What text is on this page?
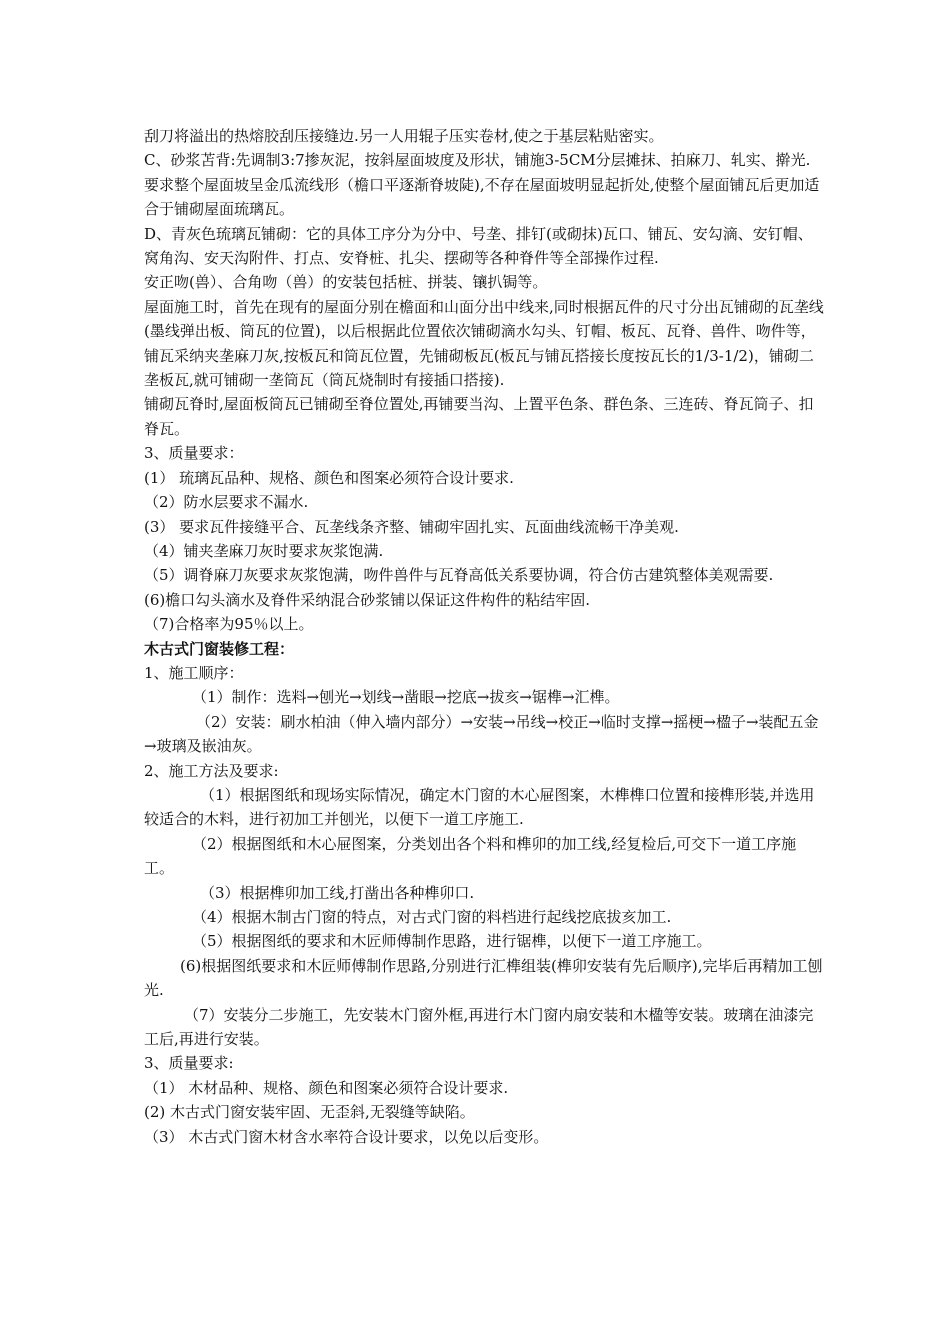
刮刀将溢出的热熔胶刮压接缝边.另一人用辊子压实卷材,使之于基层粘贴密实。

C、砂浆苫背:先调制3:7掺灰泥，按斜屋面坡度及形状，铺施3-5CM分层摊抹、拍麻刀、轧实、擀光.要求整个屋面坡呈金瓜流线形（檐口平逐渐脊坡陡),不存在屋面坡明显起折处,使整个屋面铺瓦后更加适合于铺砌屋面琉璃瓦。

D、青灰色琉璃瓦铺砌：它的具体工序分为分中、号垄、排钉(或砌抹)瓦口、铺瓦、安勾滴、安钉帽、窝角沟、安天沟附件、打点、安脊桩、扎尖、摆砌等各种脊件等全部操作过程.

安正吻(兽）、合角吻（兽）的安装包括桩、拼装、镶扒锔等。

屋面施工时，首先在现有的屋面分别在檐面和山面分出中线来,同时根据瓦件的尺寸分出瓦铺砌的瓦垄线(墨线弹出板、筒瓦的位置)，以后根据此位置依次铺砌滴水勾头、钉帽、板瓦、瓦脊、兽件、吻件等，铺瓦采纳夹垄麻刀灰,按板瓦和筒瓦位置，先铺砌板瓦(板瓦与铺瓦搭接长度按瓦长的1/3-1/2)，铺砌二垄板瓦,就可铺砌一垄筒瓦（筒瓦烧制时有接插口搭接).

铺砌瓦脊时,屋面板筒瓦已铺砌至脊位置处,再铺要当沟、上置平色条、群色条、三连砖、脊瓦筒子、扣脊瓦。

3、质量要求：

(1） 琉璃瓦品种、规格、颜色和图案必须符合设计要求.

（2）防水层要求不漏水.

(3） 要求瓦件接缝平合、瓦垄线条齐整、铺砌牢固扎实、瓦面曲线流畅干净美观.

（4）铺夹垄麻刀灰时要求灰浆饱满.

（5）调脊麻刀灰要求灰浆饱满，吻件兽件与瓦脊高低关系要协调，符合仿古建筑整体美观需要.

(6)檐口勾头滴水及脊件采纳混合砂浆铺以保证这件构件的粘结牢固.

（7)合格率为95％以上。

木古式门窗装修工程：

1、施工顺序：

（1）制作：选料→刨光→划线→凿眼→挖底→拔亥→锯榫→汇榫。

（2）安装：刷水柏油（伸入墙内部分）→安装→吊线→校正→临时支撑→摇梗→楹子→装配五金→玻璃及嵌油灰。

2、施工方法及要求:

（1）根据图纸和现场实际情况，确定木门窗的木心屉图案，木榫榫口位置和接榫形装,并选用较适合的木料，进行初加工并刨光，以便下一道工序施工.

（2）根据图纸和木心屉图案，分类划出各个料和榫卯的加工线,经复检后,可交下一道工序施工。

（3）根据榫卯加工线,打凿出各种榫卯口.

（4）根据木制古门窗的特点，对古式门窗的料档进行起线挖底拔亥加工.

（5）根据图纸的要求和木匠师傅制作思路，进行锯榫，以便下一道工序施工。

(6)根据图纸要求和木匠师傅制作思路,分别进行汇榫组装(榫卯安装有先后顺序),完毕后再精加工刨光.

（7）安装分二步施工，先安装木门窗外框,再进行木门窗内扇安装和木楹等安装。玻璃在油漆完工后,再进行安装。

3、质量要求:

（1） 木材品种、规格、颜色和图案必须符合设计要求.

(2) 木古式门窗安装牢固、无歪斜,无裂缝等缺陷。

（3） 木古式门窗木材含水率符合设计要求，以免以后变形。
